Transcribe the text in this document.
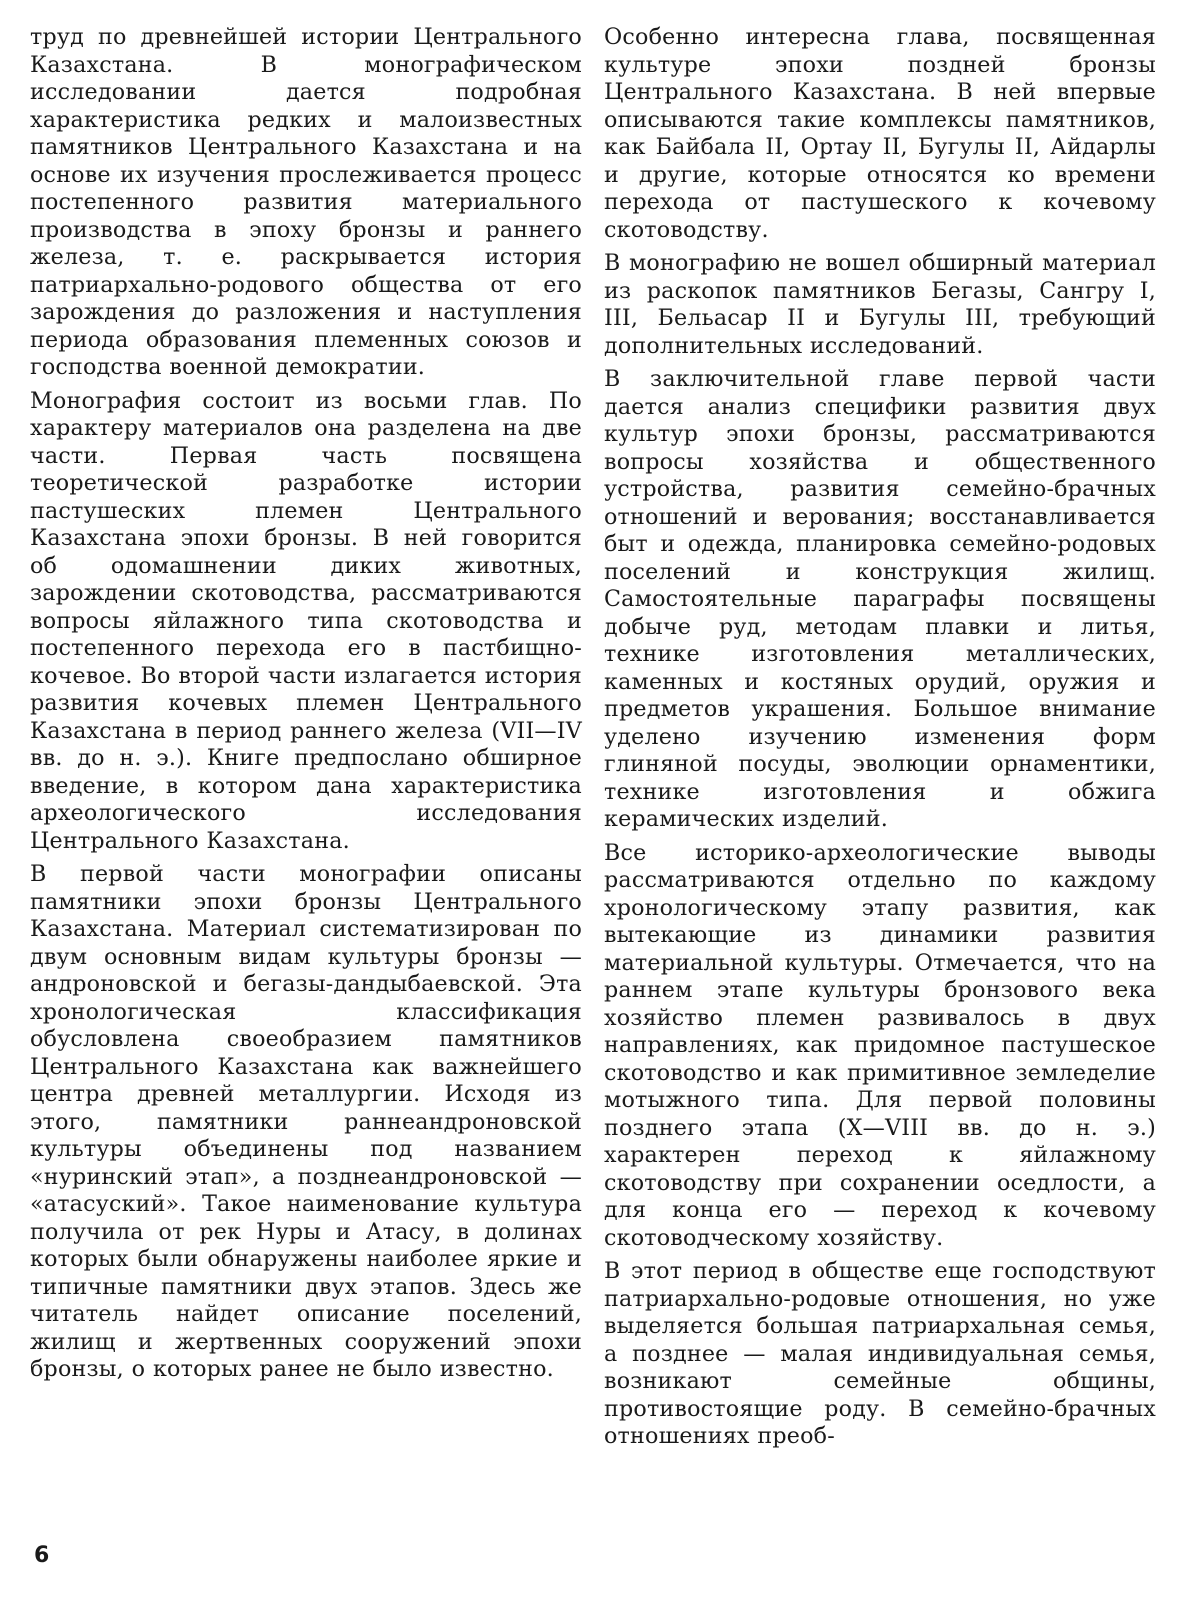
труд по древнейшей истории Центрального Казахстана. В монографическом исследовании дается подробная характеристика редких и малоизвестных памятников Центрального Казахстана и на основе их изучения прослеживается процесс постепенного развития материального производства в эпоху бронзы и раннего железа, т. е. раскрывается история патриархально-родового общества от его зарождения до разложения и наступления периода образования племенных союзов и господства военной демократии.

Монография состоит из восьми глав. По характеру материалов она разделена на две части. Первая часть посвящена теоретической разработке истории пастушеских племен Центрального Казахстана эпохи бронзы. В ней говорится об одомашнении диких животных, зарождении скотоводства, рассматриваются вопросы яйлажного типа скотоводства и постепенного перехода его в пастбищно-кочевое. Во второй части излагается история развития кочевых племен Центрального Казахстана в период раннего железа (VII—IV вв. до н. э.). Книге предпослано обширное введение, в котором дана характеристика археологического исследования Центрального Казахстана.

В первой части монографии описаны памятники эпохи бронзы Центрального Казахстана. Материал систематизирован по двум основным видам культуры бронзы — андроновской и бегазы-дандыбаевской. Эта хронологическая классификация обусловлена своеобразием памятников Центрального Казахстана как важнейшего центра древней металлургии. Исходя из этого, памятники раннеандроновской культуры объединены под названием «нуринский этап», а позднеандроновской — «атасуский». Такое наименование культура получила от рек Нуры и Атасу, в долинах которых были обнаружены наиболее яркие и типичные памятники двух этапов. Здесь же читатель найдет описание поселений, жилищ и жертвенных сооружений эпохи бронзы, о которых ранее не было известно.

Особенно интересна глава, посвященная культуре эпохи поздней бронзы Центрального Казахстана. В ней впервые описываются такие комплексы памятников, как Байбала II, Ортау II, Бугулы II, Айдарлы и другие, которые относятся ко времени перехода от пастушеского к кочевому скотоводству.

В монографию не вошел обширный материал из раскопок памятников Бегазы, Сангру I, III, Бельасар II и Бугулы III, требующий дополнительных исследований.

В заключительной главе первой части дается анализ специфики развития двух культур эпохи бронзы, рассматриваются вопросы хозяйства и общественного устройства, развития семейно-брачных отношений и верования; восстанавливается быт и одежда, планировка семейно-родовых поселений и конструкция жилищ. Самостоятельные параграфы посвящены добыче руд, методам плавки и литья, технике изготовления металлических, каменных и костяных орудий, оружия и предметов украшения. Большое внимание уделено изучению изменения форм глиняной посуды, эволюции орнаментики, технике изготовления и обжига керамических изделий.

Все историко-археологические выводы рассматриваются отдельно по каждому хронологическому этапу развития, как вытекающие из динамики развития материальной культуры. Отмечается, что на раннем этапе культуры бронзового века хозяйство племен развивалось в двух направлениях, как придомное пастушеское скотоводство и как примитивное земледелие мотыжного типа. Для первой половины позднего этапа (X—VIII вв. до н. э.) характерен переход к яйлажному скотоводству при сохранении оседлости, а для конца его — переход к кочевому скотоводческому хозяйству.

В этот период в обществе еще господствуют патриархально-родовые отношения, но уже выделяется большая патриархальная семья, а позднее — малая индивидуальная семья, возникают семейные общины, противостоящие роду. В семейно-брачных отношениях преоб-

6
